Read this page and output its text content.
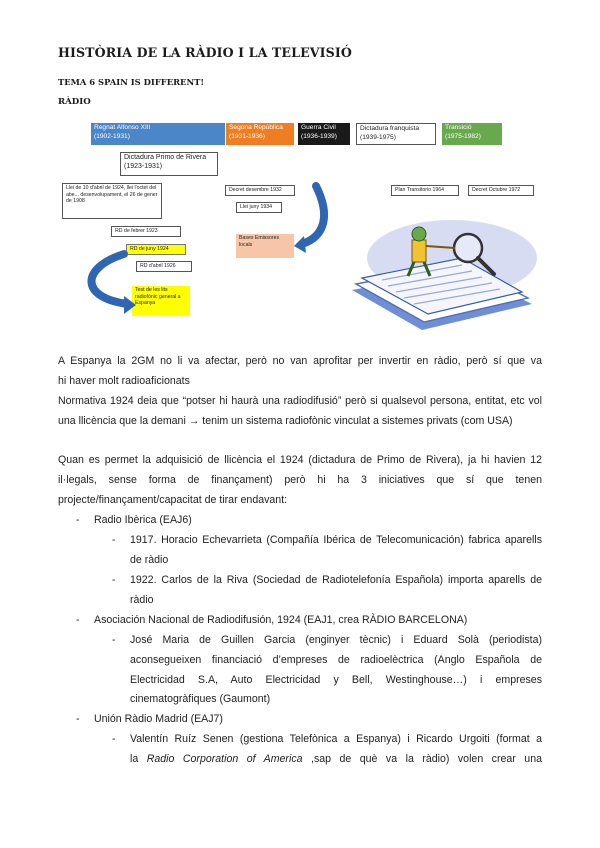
HISTÒRIA DE LA RÀDIO I LA TELEVISIÓ
TEMA 6 SPAIN IS DIFFERENT!
RÀDIO
Regnat Alfonso XIII
(1902-1931)
Segona República
(1931-1936)
Guerra Civil
(1936-1939)
Dictadura franquista
(1939-1975)
Transició
(1975-1982)
Dictadura Primo de Rivera
(1923-1931)
Llei de 10 d'abril de 1924, llei l'octet del abe... desenvolupament, el 26 de gener de 1908
RD de febrer 1923
RD de juny 1924
RD d'abril 1926
Test de les lits radiofònic general a Espanya
Decret desembre 1932
Llei juny 1934
Bases Emissores locals
Plan Transitorio 1964	Decret Octubre 1972
A Espanya la 2GM no li va afectar, però no van aprofitar per invertir en ràdio, però sí que va
hi haver molt radioaficionats
Normativa 1924 deia que “potser hi haurà una radiodifusió” però si qualsevol persona, entitat, etc vol una llicència que la demani → tenim un sistema radiofònic vinculat a sistemes privats (com USA)
Quan es permet la adquisició de llicència el 1924 (dictadura de Primo de Rivera), ja hi havien 12 il·legals, sense forma de finançament) però hi ha 3 iniciatives que sí que tenen projecte/finançament/capacitat de tirar endavant:
- Radio Ibèrica (EAJ6)
- 1917. Horacio Echevarrieta (Compañía Ibérica de Telecomunicación) fabrica aparells de ràdio
- 1922. Carlos de la Riva (Sociedad de Radiotelefonía Española) importa aparells de ràdio
- Asociación Nacional de Radiodifusión, 1924 (EAJ1, crea RÀDIO BARCELONA)
- José Maria de Guillen Garcia (enginyer tècnic) i Eduard Solà (periodista) aconsegueixen financiació d’empreses de radioelèctrica (Anglo Española de Electricidad S.A, Auto Electricidad y Bell, Westinghouse…) i empreses cinematogràfiques (Gaumont)
- Unión Ràdio Madrid (EAJ7)
- Valentín Ruíz Senen (gestiona Telefònica a Espanya) i Ricardo Urgoiti (format a
la Radio Corporation of America ,sap de què va la ràdio) volen crear una
